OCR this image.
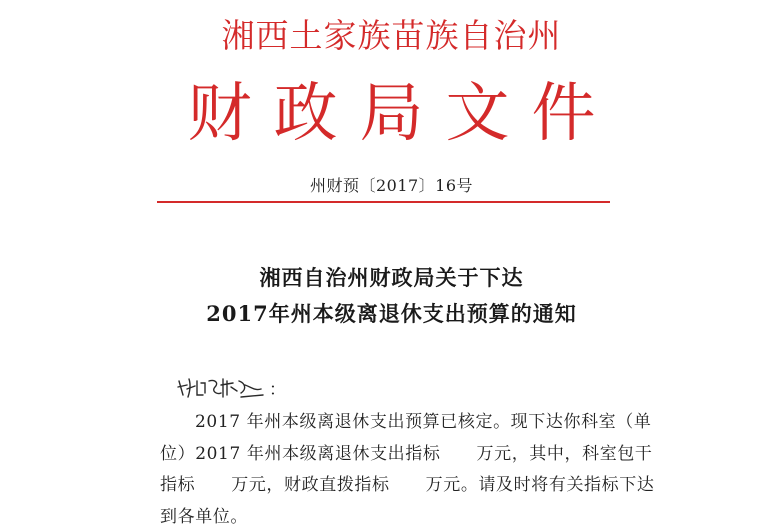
湘西土家族苗族自治州
财政局文件
州财预〔2017〕16号
湘西自治州财政局关于下达
2017年州本级离退休支出预算的通知
：
2017 年州本级离退休支出预算已核定。现下达你科室（单
位）2017 年州本级离退休支出指标      万元，其中，科室包干
指标      万元，财政直拨指标      万元。请及时将有关指标下达
到各单位。
